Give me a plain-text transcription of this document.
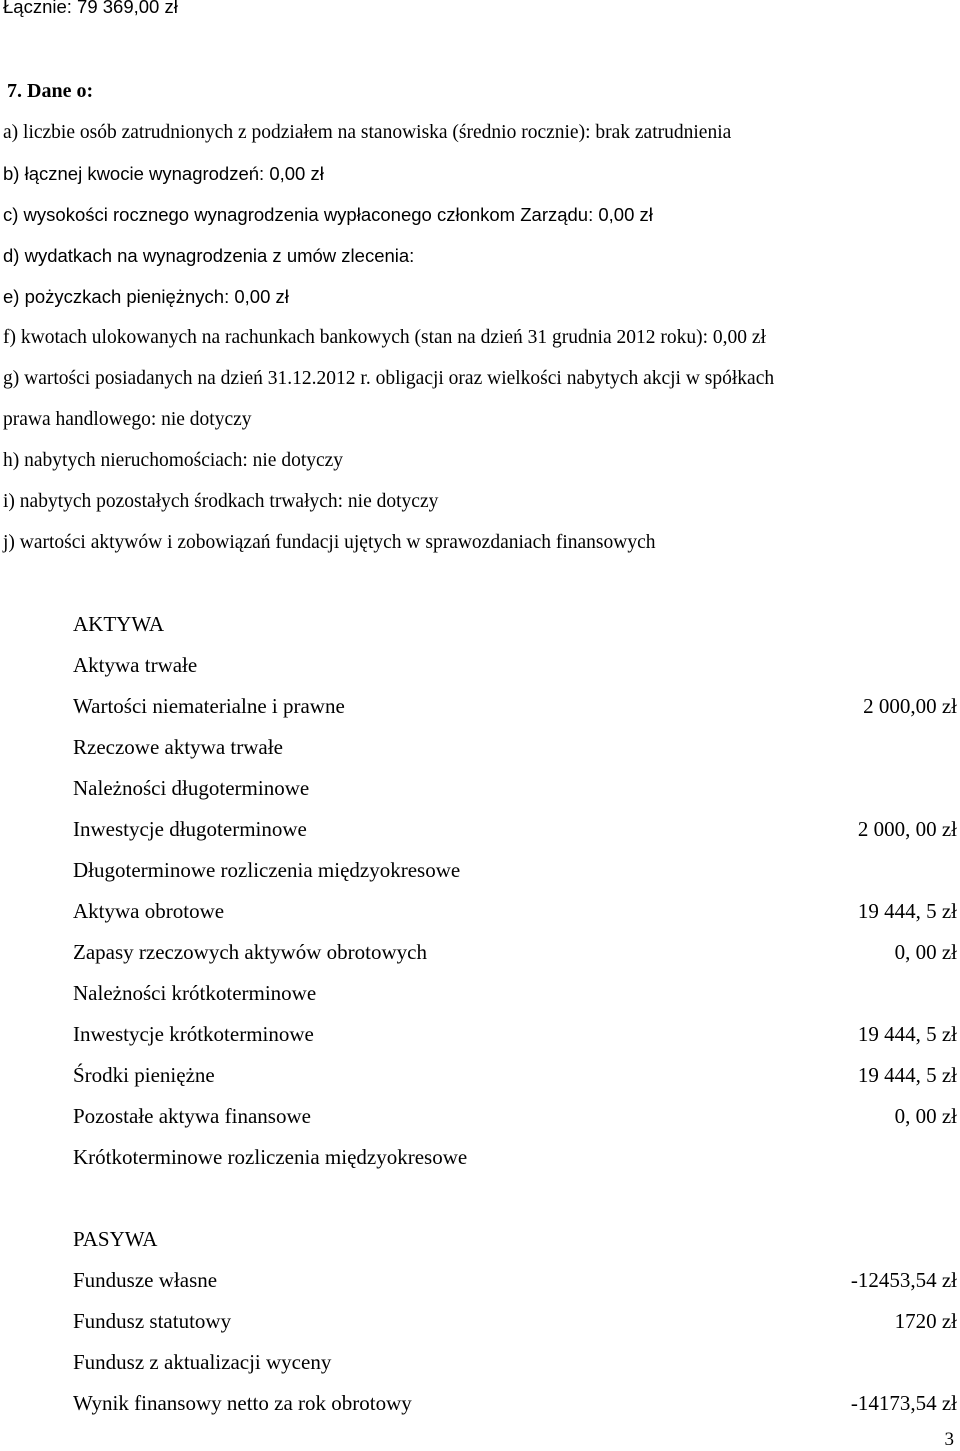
Łącznie: 79 369,00 zł
7. Dane o:
a) liczbie osób zatrudnionych z podziałem na stanowiska (średnio rocznie): brak zatrudnienia
b) łącznej kwocie wynagrodzeń: 0,00 zł
c) wysokości rocznego wynagrodzenia wypłaconego członkom Zarządu: 0,00 zł
d) wydatkach na wynagrodzenia z umów zlecenia:
e) pożyczkach pieniężnych: 0,00 zł
f) kwotach ulokowanych na rachunkach bankowych (stan na dzień 31 grudnia 2012 roku): 0,00 zł
g) wartości posiadanych na dzień 31.12.2012 r. obligacji oraz wielkości nabytych akcji w spółkach
prawa handlowego: nie dotyczy
h) nabytych nieruchomościach: nie dotyczy
i) nabytych pozostałych środkach trwałych: nie dotyczy
j) wartości aktywów i zobowiązań fundacji ujętych w sprawozdaniach finansowych
AKTYWA
Aktywa trwałe
Wartości niematerialne i prawne	2 000,00 zł
Rzeczowe aktywa trwałe
Należności długoterminowe
Inwestycje długoterminowe	2 000, 00 zł
Długoterminowe rozliczenia międzyokresowe
Aktywa obrotowe	19 444, 5 zł
Zapasy rzeczowych aktywów obrotowych	0, 00 zł
Należności krótkoterminowe
Inwestycje krótkoterminowe	19 444, 5 zł
Środki pieniężne	19 444, 5 zł
Pozostałe aktywa finansowe	0, 00 zł
Krótkoterminowe rozliczenia międzyokresowe
PASYWA
Fundusze własne	-12453,54 zł
Fundusz statutowy	1720 zł
Fundusz z aktualizacji wyceny
Wynik finansowy netto za rok obrotowy	-14173,54 zł
3
